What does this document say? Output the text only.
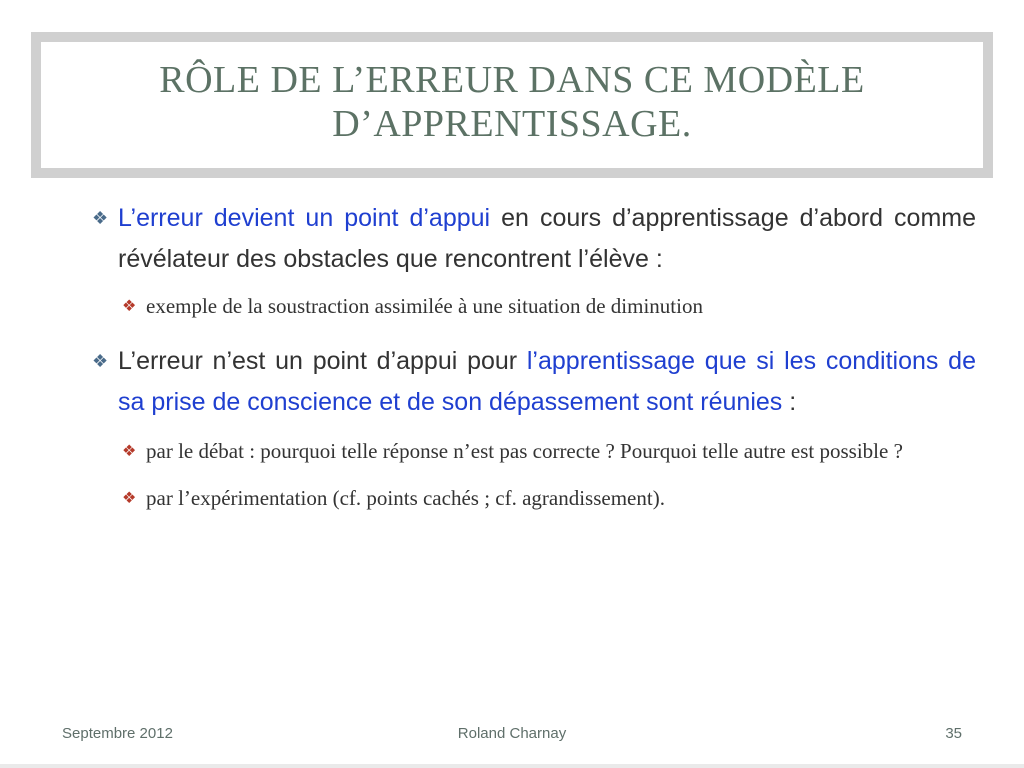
RÔLE DE L’ERREUR DANS CE MODÈLE
D’APPRENTISSAGE.
❖ L’erreur devient un point d’appui en cours d’apprentissage d’abord comme révélateur des obstacles que rencontrent l’élève :
❖ exemple de la soustraction assimilée à une situation de diminution
❖ L’erreur n’est un point d’appui pour l’apprentissage que si les conditions de sa prise de conscience et de son dépassement sont réunies :
❖ par le débat : pourquoi telle réponse n’est pas correcte ? Pourquoi telle autre est possible ?
❖ par l’expérimentation (cf. points cachés ; cf. agrandissement).
Septembre 2012	Roland Charnay	35
